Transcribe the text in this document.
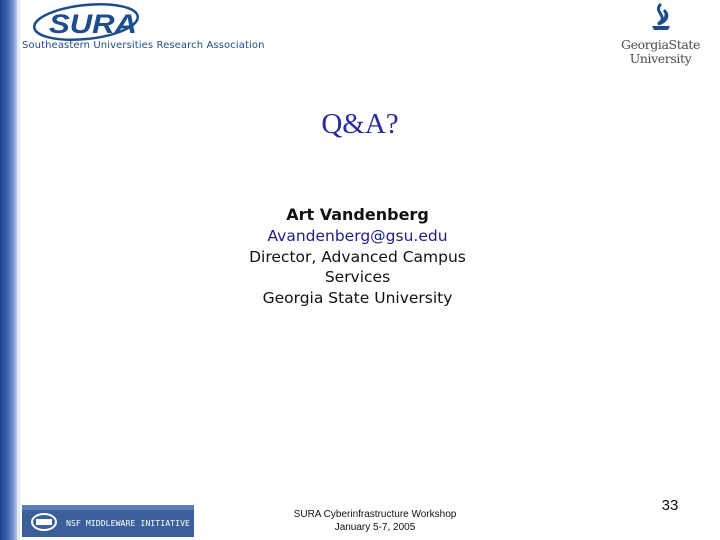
SURA
Southeastern Universities Research Association	GeorgiaState
University
Q&A?
Art Vandenberg
Avandenberg@gsu.edu
Director, Advanced Campus
Services
Georgia State University
NSF MIDDLEWARE INITIATIVE
SURA Cyberinfrastructure Workshop
January 5-7, 2005
33
